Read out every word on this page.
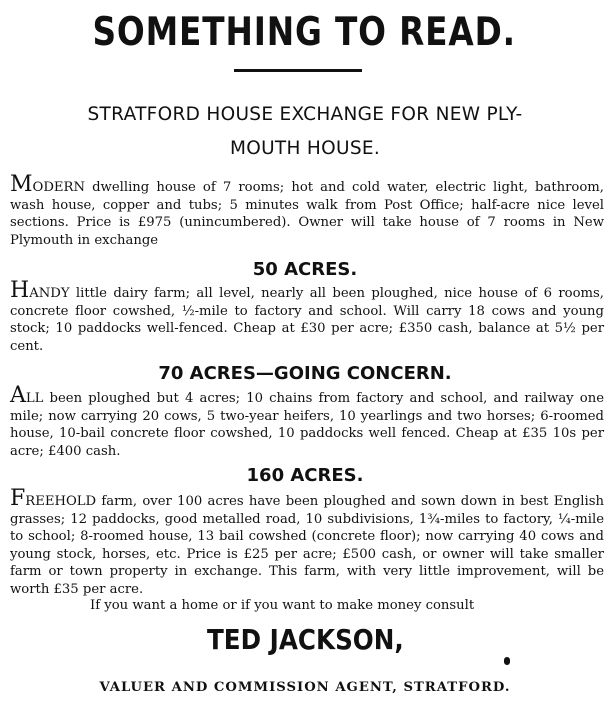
SOMETHING TO READ.
STRATFORD HOUSE EXCHANGE FOR NEW PLY-
MOUTH HOUSE.
MODERN dwelling house of 7 rooms; hot and cold water, electric light, bathroom, wash house, copper and tubs; 5 minutes walk from Post Office; half-acre nice level sections. Price is £975 (unincumbered). Owner will take house of 7 rooms in New Plymouth in exchange
50 ACRES.
HANDY little dairy farm; all level, nearly all been ploughed, nice house of 6 rooms, concrete floor cowshed, ½-mile to factory and school. Will carry 18 cows and young stock; 10 paddocks well-fenced. Cheap at £30 per acre; £350 cash, balance at 5½ per cent.
70 ACRES—GOING CONCERN.
ALL been ploughed but 4 acres; 10 chains from factory and school, and railway one mile; now carrying 20 cows, 5 two-year heifers, 10 yearlings and two horses; 6-roomed house, 10-bail concrete floor cowshed, 10 paddocks well fenced. Cheap at £35 10s per acre; £400 cash.
160 ACRES.
FREEHOLD farm, over 100 acres have been ploughed and sown down in best English grasses; 12 paddocks, good metalled road, 10 subdivisions, 1¾-miles to factory, ¼-mile to school; 8-roomed house, 13 bail cowshed (concrete floor); now carrying 40 cows and young stock, horses, etc. Price is £25 per acre; £500 cash, or owner will take smaller farm or town property in exchange. This farm, with very little improvement, will be worth £35 per acre.
If you want a home or if you want to make money consult
TED JACKSON,
VALUER AND COMMISSION AGENT, STRATFORD.
